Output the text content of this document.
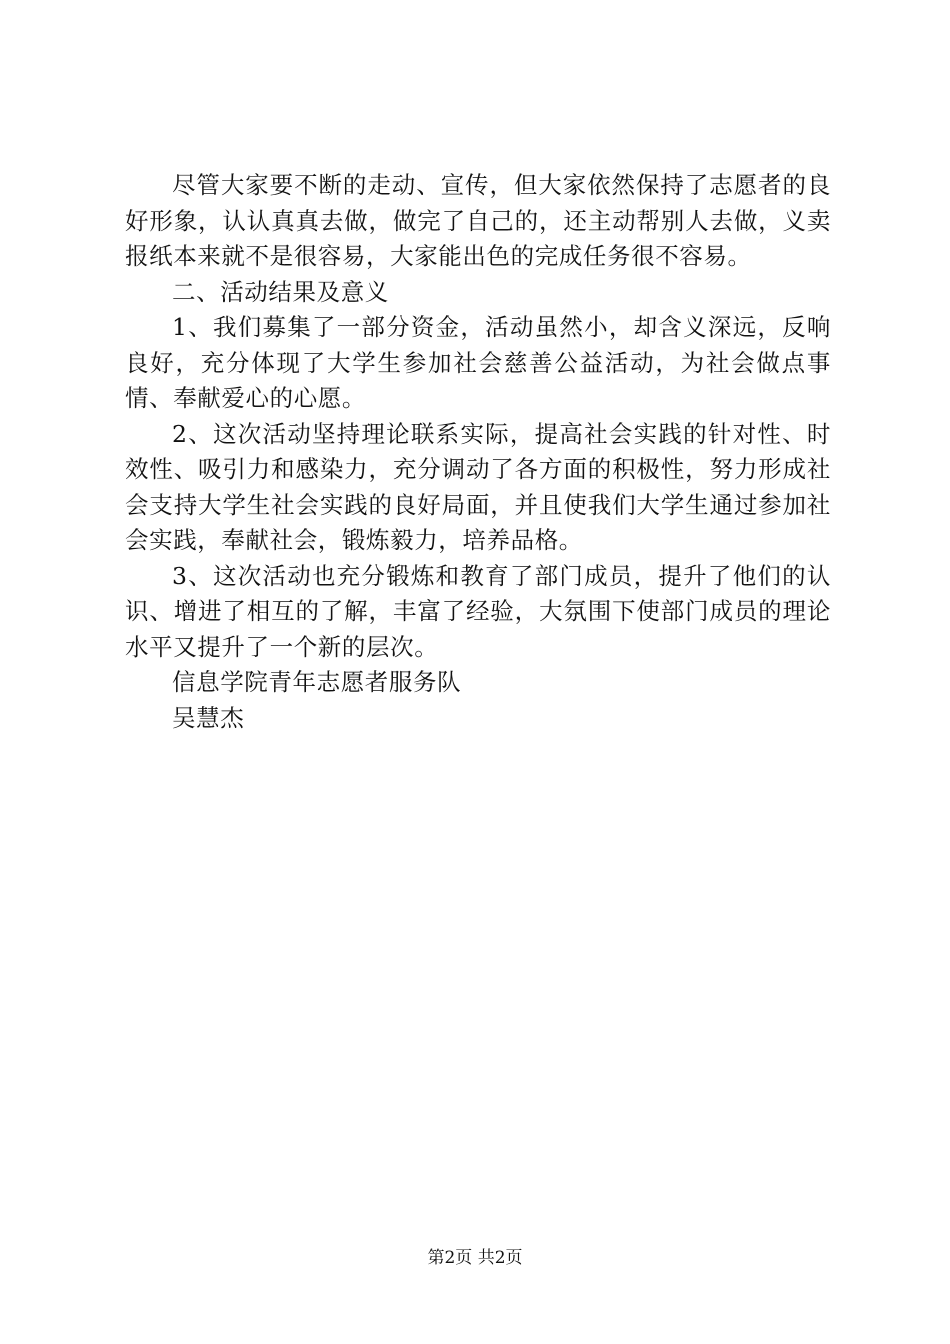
尽管大家要不断的走动、宣传，但大家依然保持了志愿者的良好形象，认认真真去做，做完了自己的，还主动帮别人去做，义卖报纸本来就不是很容易，大家能出色的完成任务很不容易。

二、活动结果及意义

1、我们募集了一部分资金，活动虽然小，却含义深远，反响良好，充分体现了大学生参加社会慈善公益活动，为社会做点事情、奉献爱心的心愿。

2、这次活动坚持理论联系实际，提高社会实践的针对性、时效性、吸引力和感染力，充分调动了各方面的积极性，努力形成社会支持大学生社会实践的良好局面，并且使我们大学生通过参加社会实践，奉献社会，锻炼毅力，培养品格。

3、这次活动也充分锻炼和教育了部门成员，提升了他们的认识、增进了相互的了解，丰富了经验，大氛围下使部门成员的理论水平又提升了一个新的层次。

信息学院青年志愿者服务队

吴慧杰

第2页 共2页
